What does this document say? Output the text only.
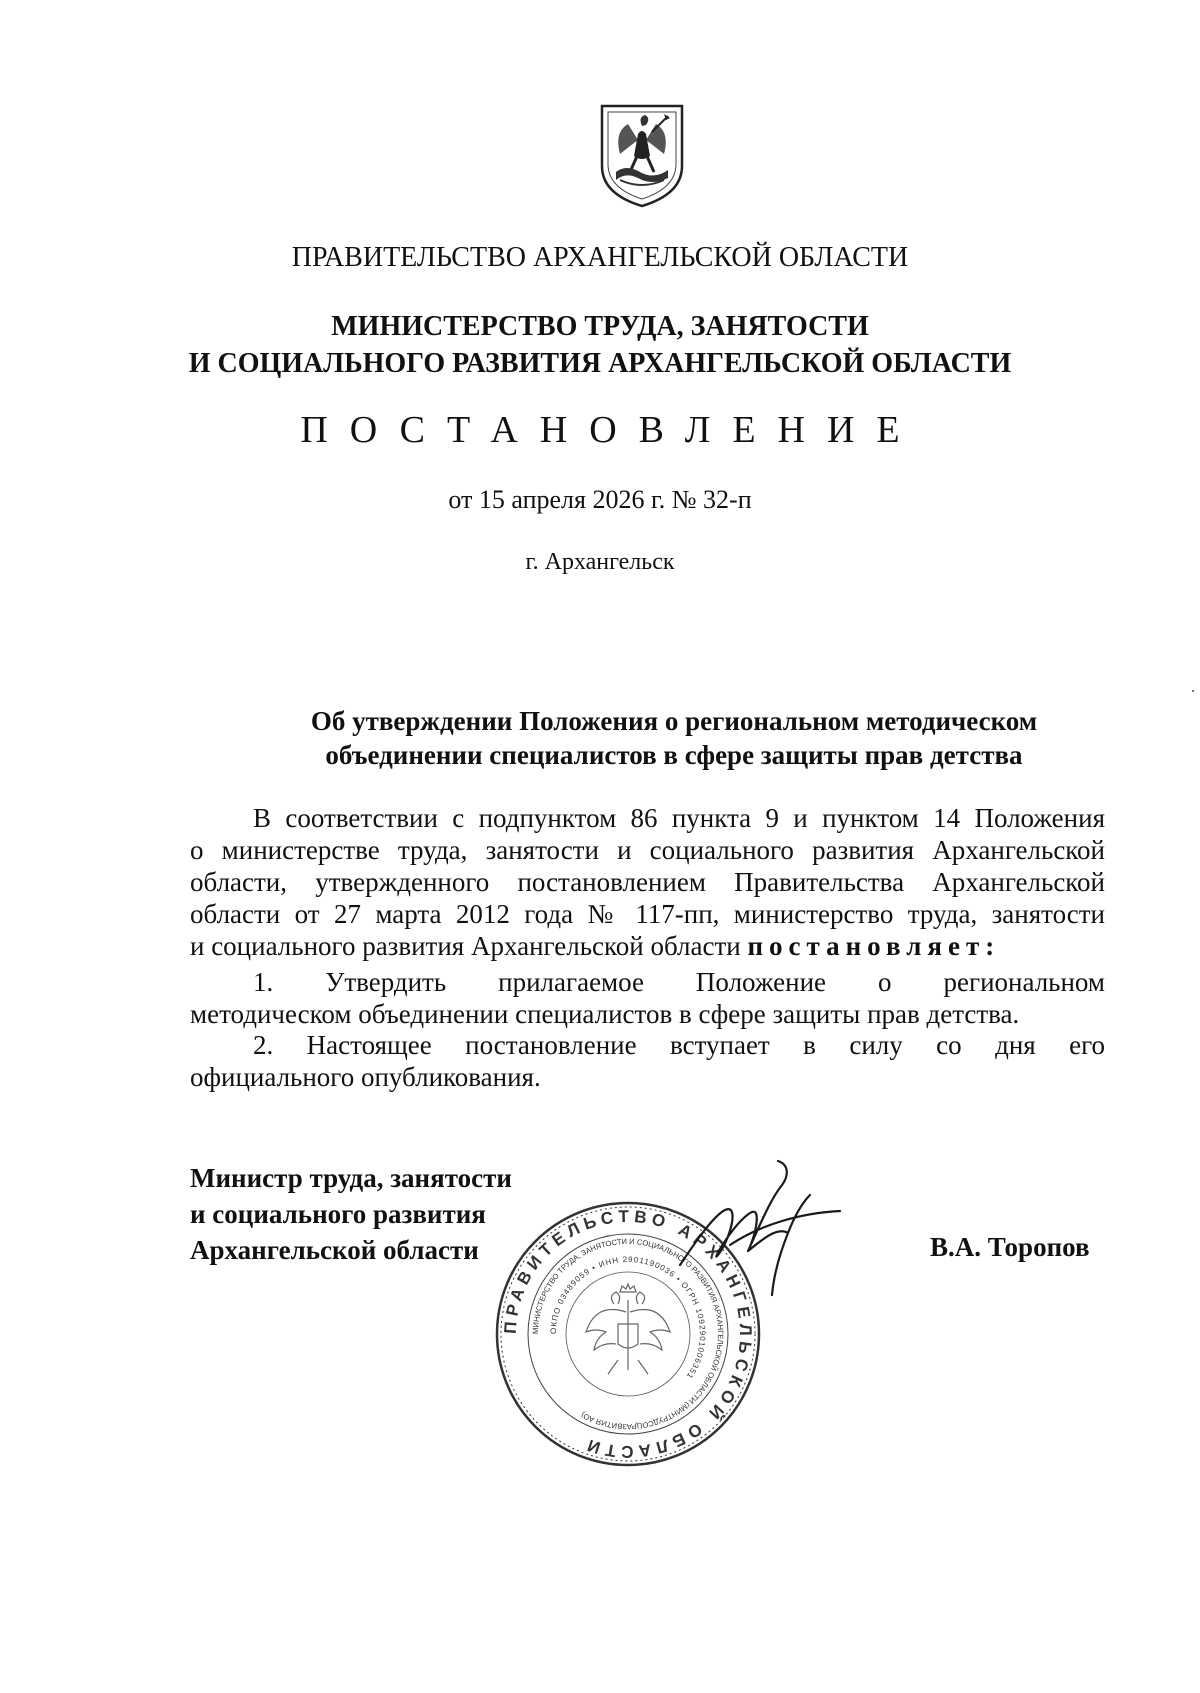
ПРАВИТЕЛЬСТВО АРХАНГЕЛЬСКОЙ ОБЛАСТИ
МИНИСТЕРСТВО ТРУДА, ЗАНЯТОСТИ
И СОЦИАЛЬНОГО РАЗВИТИЯ АРХАНГЕЛЬСКОЙ ОБЛАСТИ
ПОСТАНОВЛЕНИЕ
от 15 апреля 2026 г. № 32-п
г. Архангельск
Об утверждении Положения о региональном методическом
объединении специалистов в сфере защиты прав детства
В соответствии с подпунктом 86 пункта 9 и пунктом 14 Положения
о министерстве труда, занятости и социального развития Архангельской
области, утвержденного постановлением Правительства Архангельской
области от 27 марта 2012 года № 117-пп, министерство труда, занятости
и социального развития Архангельской области постановляет:
1. Утвердить прилагаемое Положение о региональном
методическом объединении специалистов в сфере защиты прав детства.
2. Настоящее постановление вступает в силу со дня его
официального опубликования.
Министр труда, занятости
и социального развития
Архангельской области	В.А. Торопов
ПРАВИТЕЛЬСТВО АРХАНГЕЛЬСКОЙ ОБЛАСТИ
МИНИСТЕРСТВО ТРУДА, ЗАНЯТОСТИ И СОЦИАЛЬНОГО РАЗВИТИЯ АРХАНГЕЛЬСКОЙ ОБЛАСТИ (МИНТРУДСОЦРАЗВИТИЯ АО)
ОКПО 03489059 • ИНН 2901190036 • ОГРН 1092901006351
